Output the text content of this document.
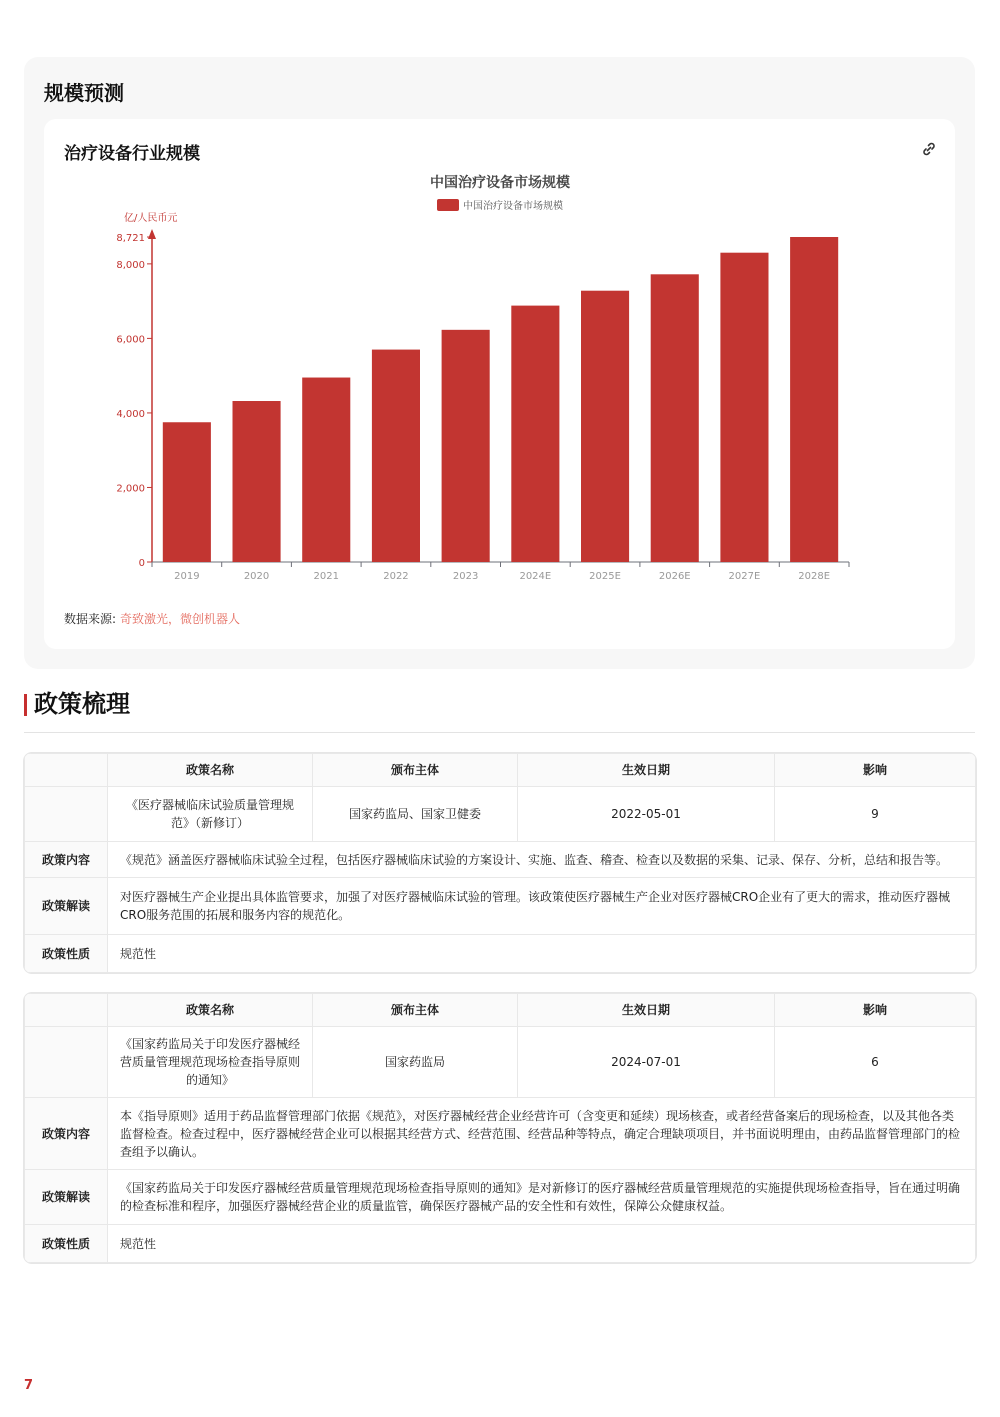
规模预测
治疗设备行业规模
中国治疗设备市场规模
中国治疗设备市场规模
亿/人民币元
0
2,000
4,000
6,000
8,000
8,721
2019	2020	2021	2022	2023	2024E	2025E	2026E	2027E	2028E
数据来源: 奇致激光，微创机器人
政策梳理
	政策名称	颁布主体	生效日期	影响
	《医疗器械临床试验质量管理规范》（新修订）	国家药监局、国家卫健委	2022-05-01	9
政策内容	《规范》涵盖医疗器械临床试验全过程，包括医疗器械临床试验的方案设计、实施、监查、稽查、检查以及数据的采集、记录、保存、分析，总结和报告等。			
政策解读	对医疗器械生产企业提出具体监管要求，加强了对医疗器械临床试验的管理。该政策使医疗器械生产企业对医疗器械CRO企业有了更大的需求，推动医疗器械CRO服务范围的拓展和服务内容的规范化。			
政策性质	规范性			
	政策名称	颁布主体	生效日期	影响
	《国家药监局关于印发医疗器械经营质量管理规范现场检查指导原则的通知》	国家药监局	2024-07-01	6
政策内容	本《指导原则》适用于药品监督管理部门依据《规范》，对医疗器械经营企业经营许可（含变更和延续）现场核查，或者经营备案后的现场检查，以及其他各类监督检查。检查过程中，医疗器械经营企业可以根据其经营方式、经营范围、经营品种等特点，确定合理缺项项目，并书面说明理由，由药品监督管理部门的检查组予以确认。			
政策解读	《国家药监局关于印发医疗器械经营质量管理规范现场检查指导原则的通知》是对新修订的医疗器械经营质量管理规范的实施提供现场检查指导，旨在通过明确的检查标准和程序，加强医疗器械经营企业的质量监管，确保医疗器械产品的安全性和有效性，保障公众健康权益。			
政策性质	规范性			
7
